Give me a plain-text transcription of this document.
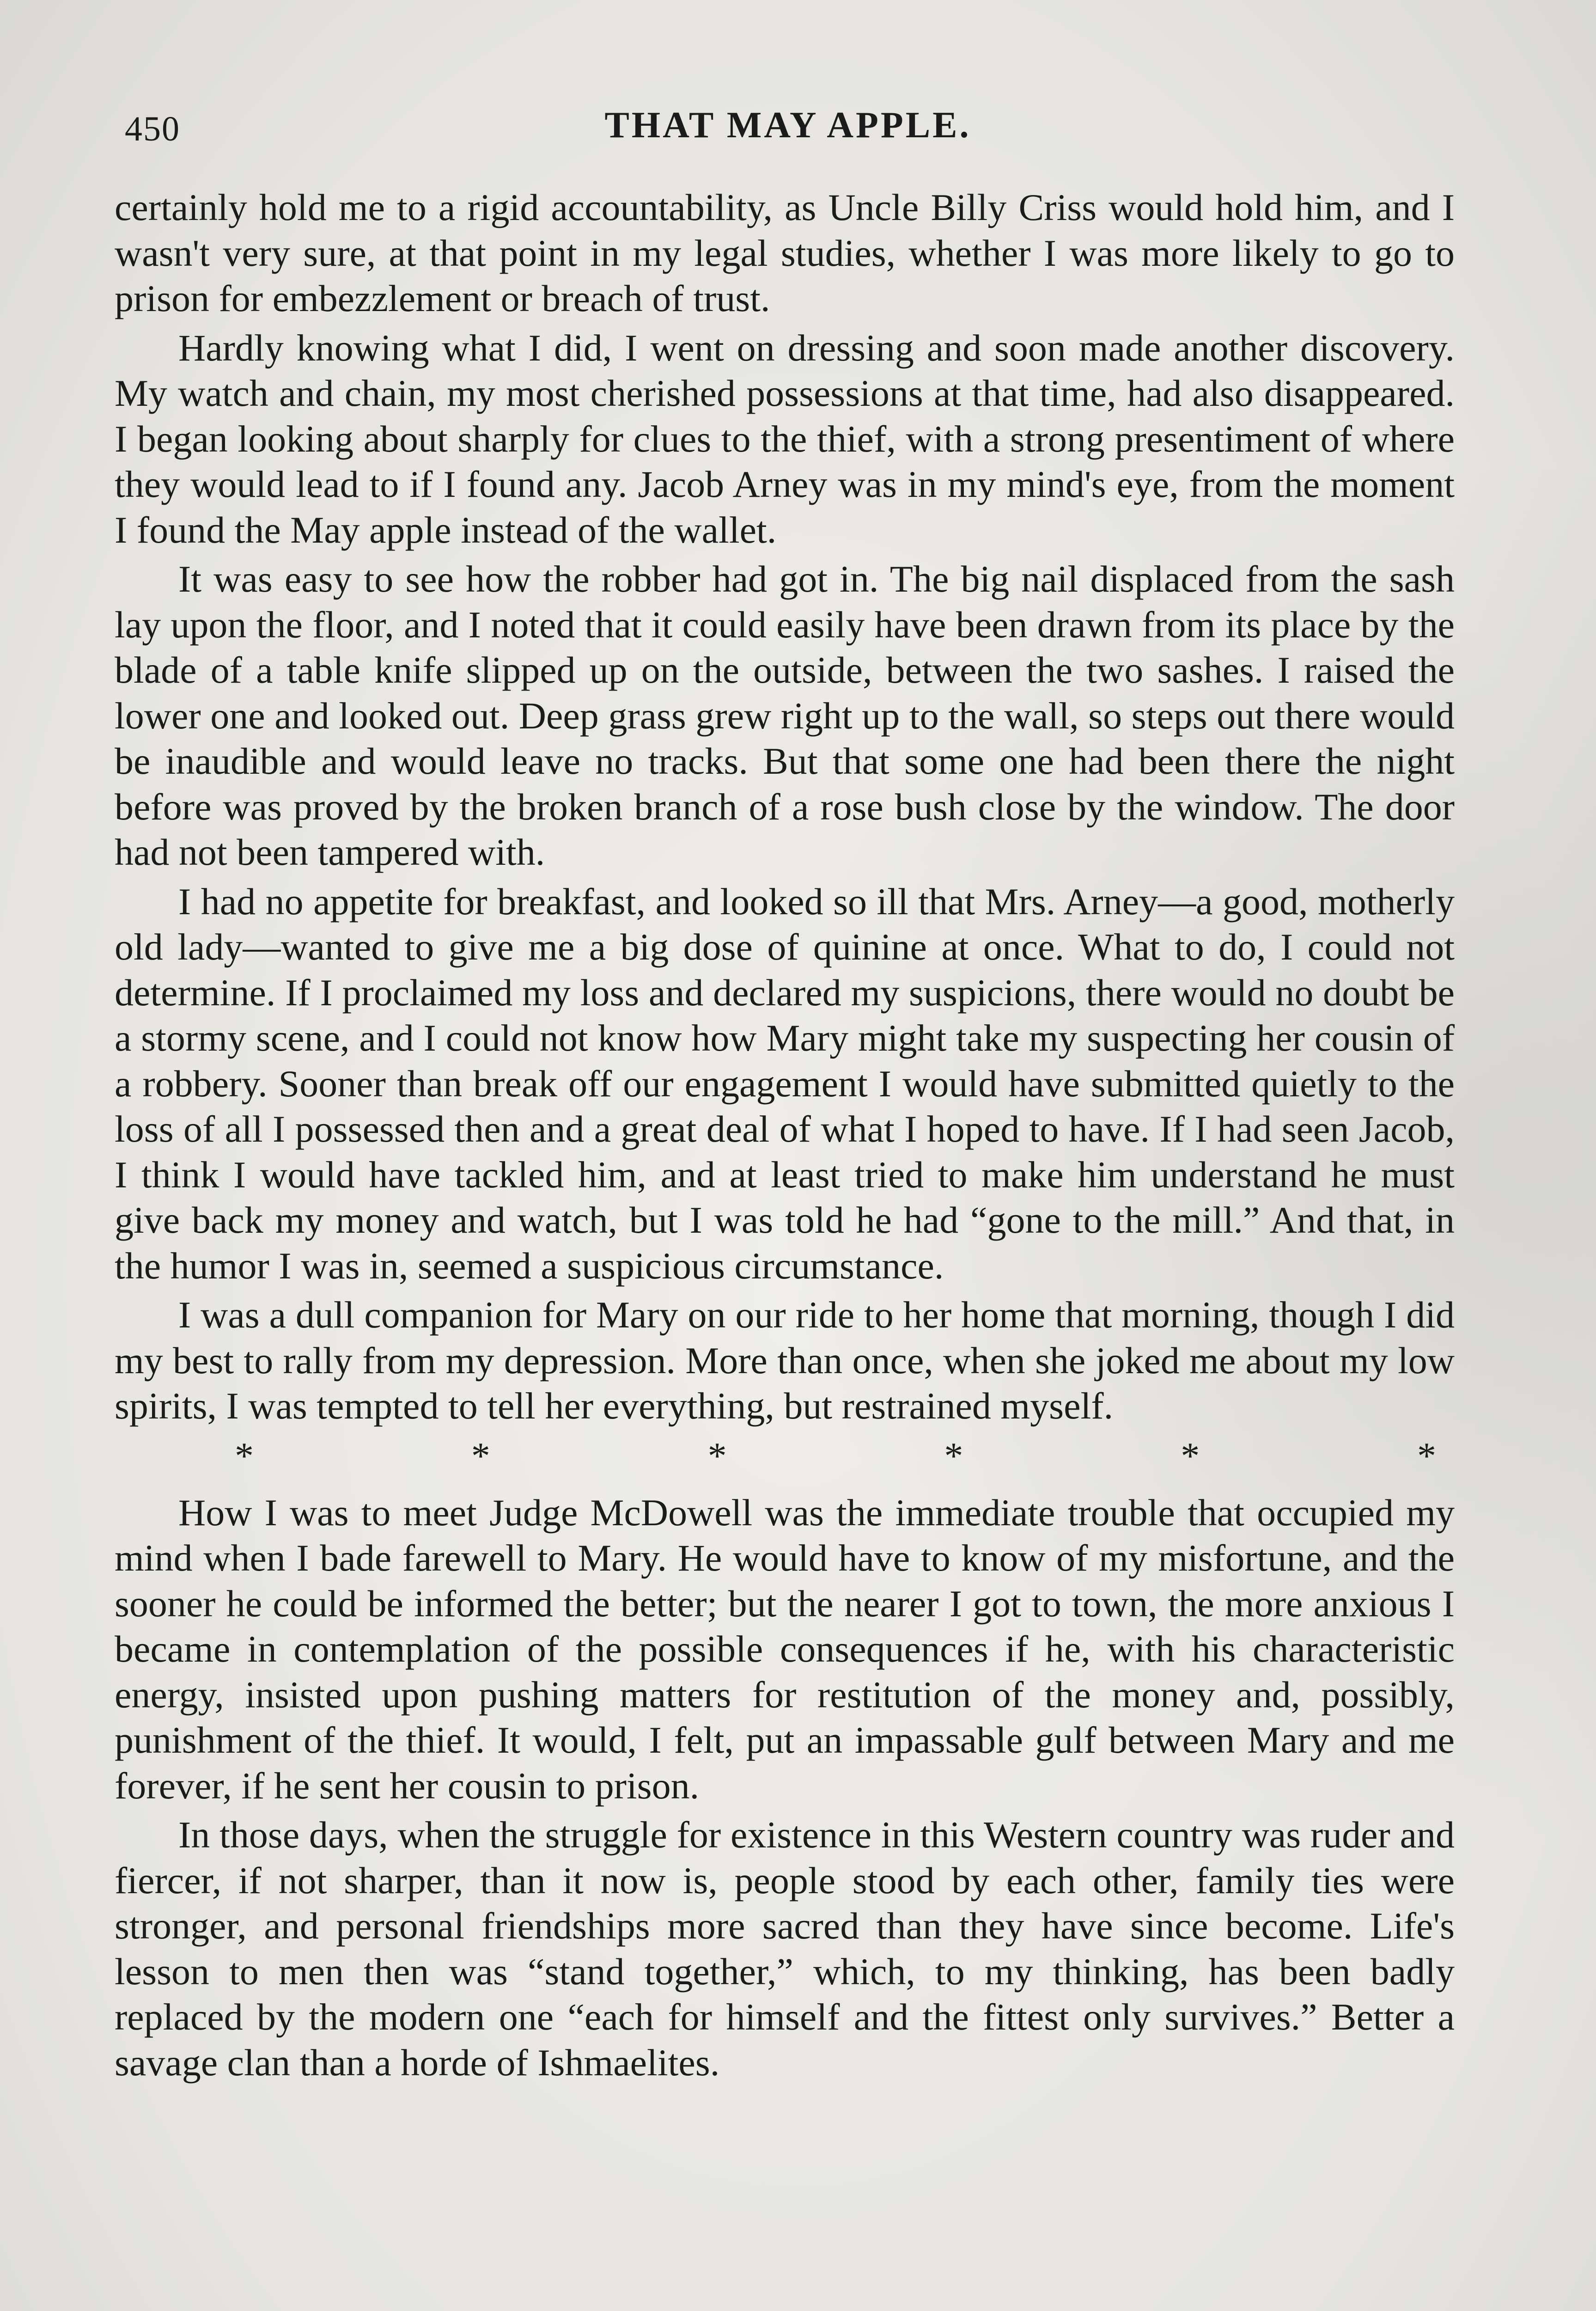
450	THAT MAY APPLE.

certainly hold me to a rigid accountability, as Uncle Billy Criss would hold him, and I wasn't very sure, at that point in my legal studies, whether I was more likely to go to prison for embezzlement or breach of trust.

Hardly knowing what I did, I went on dressing and soon made another discovery. My watch and chain, my most cherished possessions at that time, had also disappeared. I began looking about sharply for clues to the thief, with a strong presentiment of where they would lead to if I found any. Jacob Arney was in my mind's eye, from the moment I found the May apple instead of the wallet.

It was easy to see how the robber had got in. The big nail displaced from the sash lay upon the floor, and I noted that it could easily have been drawn from its place by the blade of a table knife slipped up on the outside, between the two sashes. I raised the lower one and looked out. Deep grass grew right up to the wall, so steps out there would be inaudible and would leave no tracks. But that some one had been there the night before was proved by the broken branch of a rose bush close by the window. The door had not been tampered with.

I had no appetite for breakfast, and looked so ill that Mrs. Arney—a good, motherly old lady—wanted to give me a big dose of quinine at once. What to do, I could not determine. If I proclaimed my loss and declared my suspicions, there would no doubt be a stormy scene, and I could not know how Mary might take my suspecting her cousin of a robbery. Sooner than break off our engagement I would have submitted quietly to the loss of all I possessed then and a great deal of what I hoped to have. If I had seen Jacob, I think I would have tackled him, and at least tried to make him understand he must give back my money and watch, but I was told he had “gone to the mill.” And that, in the humor I was in, seemed a suspicious circumstance.

I was a dull companion for Mary on our ride to her home that morning, though I did my best to rally from my depression. More than once, when she joked me about my low spirits, I was tempted to tell her everything, but restrained myself.

*	*	*	*	*	*

How I was to meet Judge McDowell was the immediate trouble that occupied my mind when I bade farewell to Mary. He would have to know of my misfortune, and the sooner he could be informed the better; but the nearer I got to town, the more anxious I became in contemplation of the possible consequences if he, with his characteristic energy, insisted upon pushing matters for restitution of the money and, possibly, punishment of the thief. It would, I felt, put an impassable gulf between Mary and me forever, if he sent her cousin to prison.

In those days, when the struggle for existence in this Western country was ruder and fiercer, if not sharper, than it now is, people stood by each other, family ties were stronger, and personal friendships more sacred than they have since become. Life's lesson to men then was “stand together,” which, to my thinking, has been badly replaced by the modern one “each for himself and the fittest only survives.” Better a savage clan than a horde of Ishmaelites.
